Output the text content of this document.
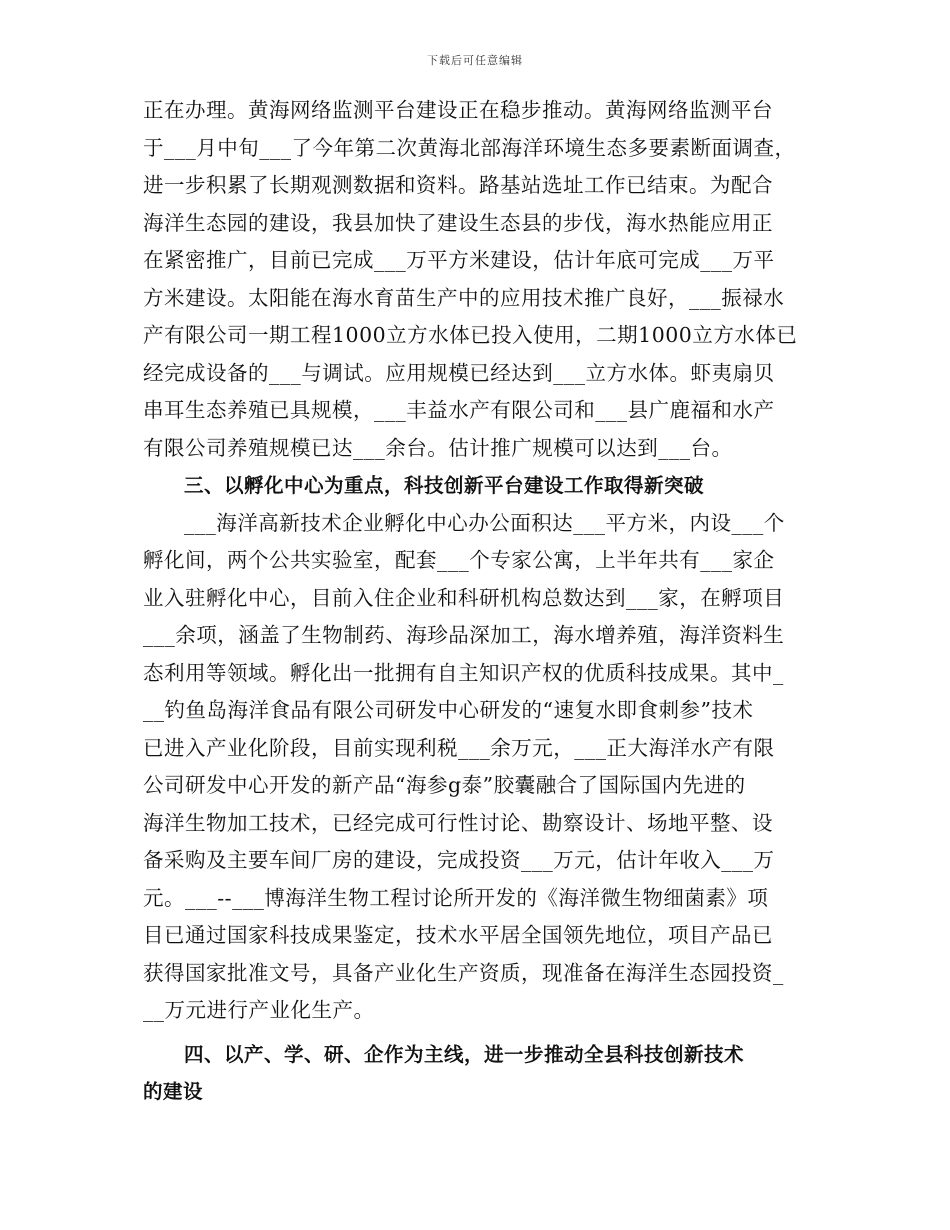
下载后可任意编辑
正在办理。黄海网络监测平台建设正在稳步推动。黄海网络监测平台
于___月中旬___了今年第二次黄海北部海洋环境生态多要素断面调查，
进一步积累了长期观测数据和资料。路基站选址工作已结束。为配合
海洋生态园的建设，我县加快了建设生态县的步伐，海水热能应用正
在紧密推广，目前已完成___万平方米建设，估计年底可完成___万平
方米建设。太阳能在海水育苗生产中的应用技术推广良好，___振禄水
产有限公司一期工程1000立方水体已投入使用，二期1000立方水体已
经完成设备的___与调试。应用规模已经达到___立方水体。虾夷扇贝
串耳生态养殖已具规模，___丰益水产有限公司和___县广鹿福和水产
有限公司养殖规模已达___余台。估计推广规模可以达到___台。
三、以孵化中心为重点，科技创新平台建设工作取得新突破
___海洋高新技术企业孵化中心办公面积达___平方米，内设___个
孵化间，两个公共实验室，配套___个专家公寓，上半年共有___家企
业入驻孵化中心，目前入住企业和科研机构总数达到___家，在孵项目
___余项，涵盖了生物制药、海珍品深加工，海水增养殖，海洋资料生
态利用等领域。孵化出一批拥有自主知识产权的优质科技成果。其中_
__钓鱼岛海洋食品有限公司研发中心研发的“速复水即食刺参”技术
已进入产业化阶段，目前实现利税___余万元，___正大海洋水产有限
公司研发中心开发的新产品“海参g泰”胶囊融合了国际国内先进的
海洋生物加工技术，已经完成可行性讨论、勘察设计、场地平整、设
备采购及主要车间厂房的建设，完成投资___万元，估计年收入___万
元。___--___博海洋生物工程讨论所开发的《海洋微生物细菌素》项
目已通过国家科技成果鉴定，技术水平居全国领先地位，项目产品已
获得国家批准文号，具备产业化生产资质，现准备在海洋生态园投资_
__万元进行产业化生产。
四、以产、学、研、企作为主线，进一步推动全县科技创新技术
的建设
